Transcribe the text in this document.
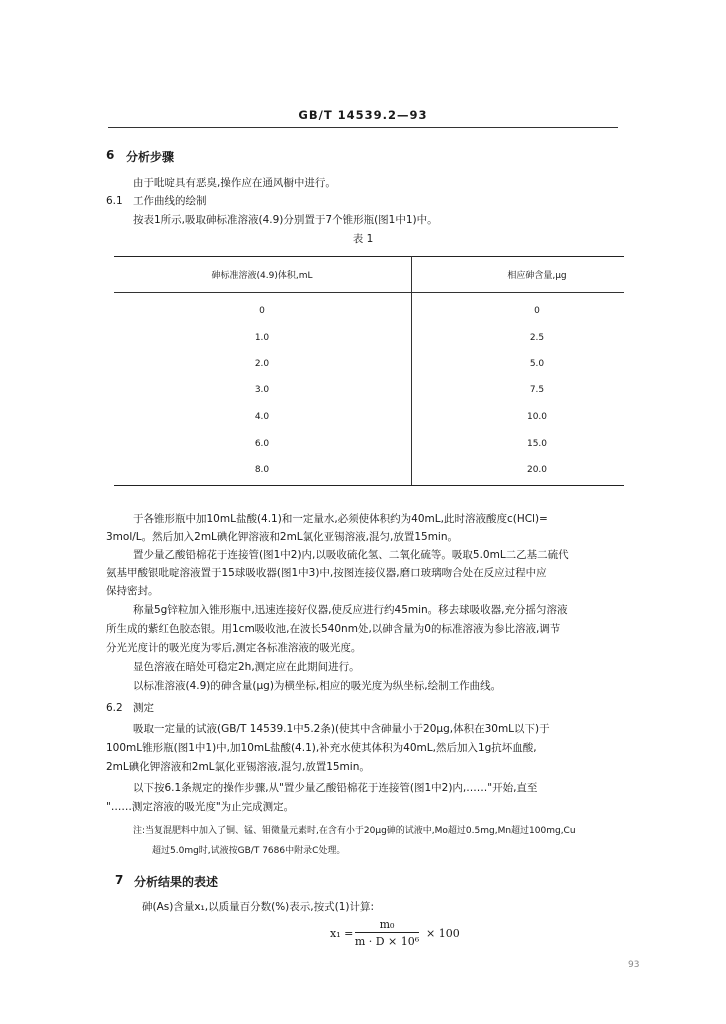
GB/T 14539.2—93
6 分析步骤
由于吡啶具有恶臭,操作应在通风橱中进行。
6.1 工作曲线的绘制
按表1所示,吸取砷标准溶液(4.9)分别置于7个锥形瓶(图1中1)中。
表 1
砷标准溶液(4.9)体积,mL	相应砷含量,μg
0	0
1.0	2.5
2.0	5.0
3.0	7.5
4.0	10.0
6.0	15.0
8.0	20.0
于各锥形瓶中加10mL盐酸(4.1)和一定量水,必须使体积约为40mL,此时溶液酸度c(HCl)=
3mol/L。然后加入2mL碘化钾溶液和2mL氯化亚锡溶液,混匀,放置15min。
置少量乙酸铅棉花于连接管(图1中2)内,以吸收硫化氢、二氧化硫等。吸取5.0mL二乙基二硫代
氨基甲酸银吡啶溶液置于15球吸收器(图1中3)中,按图连接仪器,磨口玻璃吻合处在反应过程中应
保持密封。
称量5g锌粒加入锥形瓶中,迅速连接好仪器,使反应进行约45min。移去球吸收器,充分摇匀溶液
所生成的紫红色胶态银。用1cm吸收池,在波长540nm处,以砷含量为0的标准溶液为参比溶液,调节
分光光度计的吸光度为零后,测定各标准溶液的吸光度。
显色溶液在暗处可稳定2h,测定应在此期间进行。
以标准溶液(4.9)的砷含量(μg)为横坐标,相应的吸光度为纵坐标,绘制工作曲线。
6.2 测定
吸取一定量的试液(GB/T 14539.1中5.2条)(使其中含砷量小于20μg,体积在30mL以下)于
100mL锥形瓶(图1中1)中,加10mL盐酸(4.1),补充水使其体积为40mL,然后加入1g抗坏血酸,
2mL碘化钾溶液和2mL氯化亚锡溶液,混匀,放置15min。
以下按6.1条规定的操作步骤,从"置少量乙酸铅棉花于连接管(图1中2)内,……"开始,直至
"……测定溶液的吸光度"为止完成测定。
注:当复混肥料中加入了铜、锰、钼微量元素时,在含有小于20μg砷的试液中,Mo超过0.5mg,Mn超过100mg,Cu
超过5.0mg时,试液按GB/T 7686中附录C处理。
7 分析结果的表述
砷(As)含量x₁,以质量百分数(%)表示,按式(1)计算:
x₁ =
m₀
m · D × 10⁶
× 100
93
